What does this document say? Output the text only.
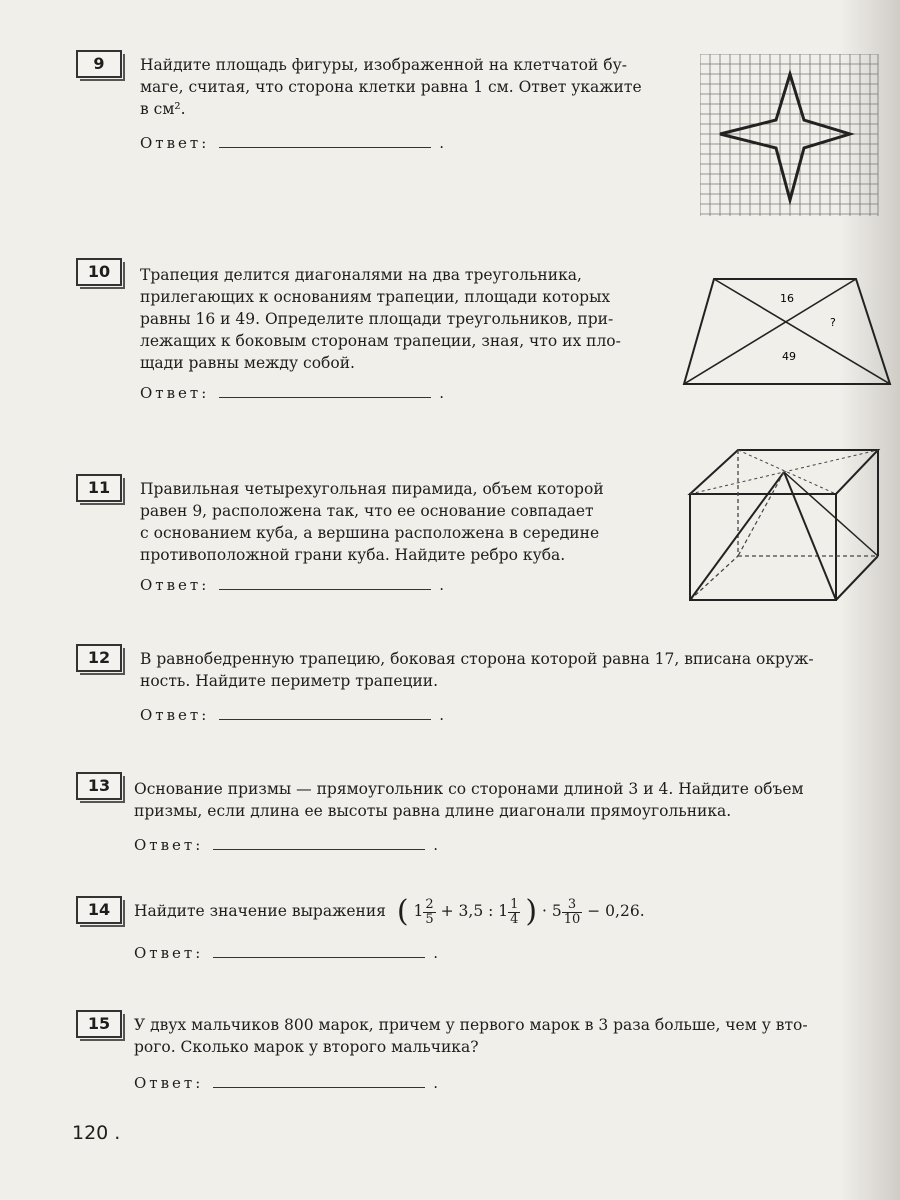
9	Найдите площадь фигуры, изображенной на клетчатой бу-
маге, считая, что сторона клетки равна 1 см. Ответ укажите
в см².
Ответ:	.
10	Трапеция делится диагоналями на два треугольника,
прилегающих к основаниям трапеции, площади которых
равны 16 и 49. Определите площади треугольников, при-
лежащих к боковым сторонам трапеции, зная, что их пло-
щади равны между собой.
Ответ:	.
16
?
49
11	Правильная четырехугольная пирамида, объем которой
равен 9, расположена так, что ее основание совпадает
с основанием куба, а вершина расположена в середине
противоположной грани куба. Найдите ребро куба.
Ответ:	.
12	В равнобедренную трапецию, боковая сторона которой равна 17, вписана окруж-
ность. Найдите периметр трапеции.
Ответ:	.
13	Основание призмы — прямоугольник со сторонами длиной 3 и 4. Найдите объем
призмы, если длина ее высоты равна длине диагонали прямоугольника.
Ответ:	.
14	Найдите значение выражения ( $1 \frac{2}{5} + 3,5$ : $1 \frac{1}{4}$ ) · $5 \frac{3}{10} - 0,26$.
Ответ:	.
15	У двух мальчиков 800 марок, причем у первого марок в 3 раза больше, чем у вто-
рого. Сколько марок у второго мальчика?
Ответ:	.
120 .
